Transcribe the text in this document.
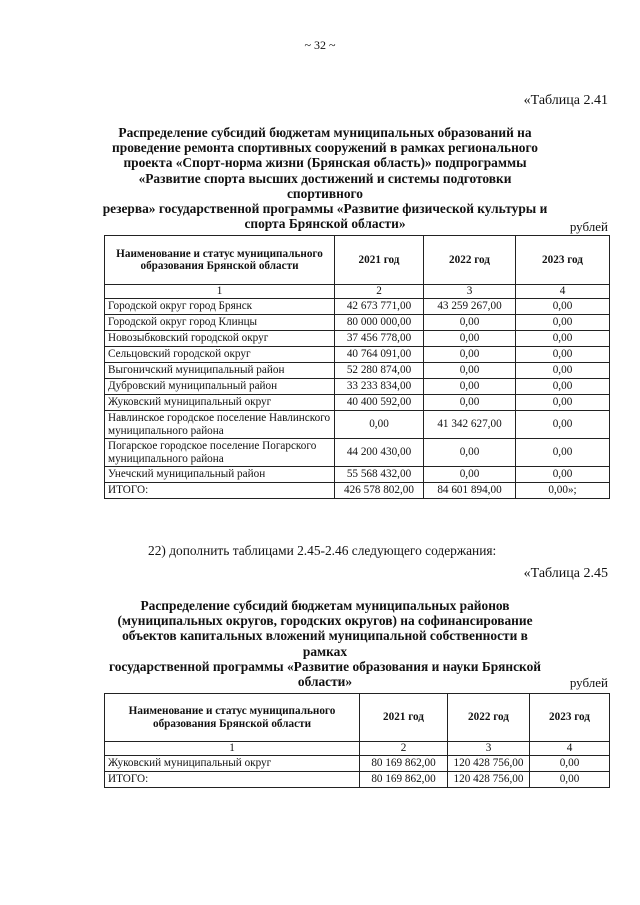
~ 32 ~
«Таблица 2.41
Распределение субсидий бюджетам муниципальных образований на
проведение ремонта спортивных сооружений в рамках регионального
проекта «Спорт-норма жизни (Брянская область)» подпрограммы
«Развитие спорта высших достижений и системы подготовки спортивного
резерва» государственной программы «Развитие физической культуры и
спорта Брянской области»	рублей
Наименование и статус муниципального образования Брянской области	2021 год	2022 год	2023 год
1	2	3	4
Городской округ город Брянск	42 673 771,00	43 259 267,00	0,00
Городской округ город Клинцы	80 000 000,00	0,00	0,00
Новозыбковский городской округ	37 456 778,00	0,00	0,00
Сельцовский городской округ	40 764 091,00	0,00	0,00
Выгоничский муниципальный район	52 280 874,00	0,00	0,00
Дубровский муниципальный район	33 233 834,00	0,00	0,00
Жуковский муниципальный округ	40 400 592,00	0,00	0,00
Навлинское городское поселение Навлинского муниципального района	0,00	41 342 627,00	0,00
Погарское городское поселение Погарского муниципального района	44 200 430,00	0,00	0,00
Унечский муниципальный район	55 568 432,00	0,00	0,00
ИТОГО:	426 578 802,00	84 601 894,00	0,00»;
22) дополнить таблицами 2.45-2.46 следующего содержания:
«Таблица 2.45
Распределение субсидий бюджетам муниципальных районов
(муниципальных округов, городских округов) на софинансирование
объектов капитальных вложений муниципальной собственности в рамках
государственной программы «Развитие образования и науки Брянской
области»	рублей
Наименование и статус муниципального образования Брянской области	2021 год	2022 год	2023 год
1	2	3	4
Жуковский муниципальный округ	80 169 862,00	120 428 756,00	0,00
ИТОГО:	80 169 862,00	120 428 756,00	0,00
